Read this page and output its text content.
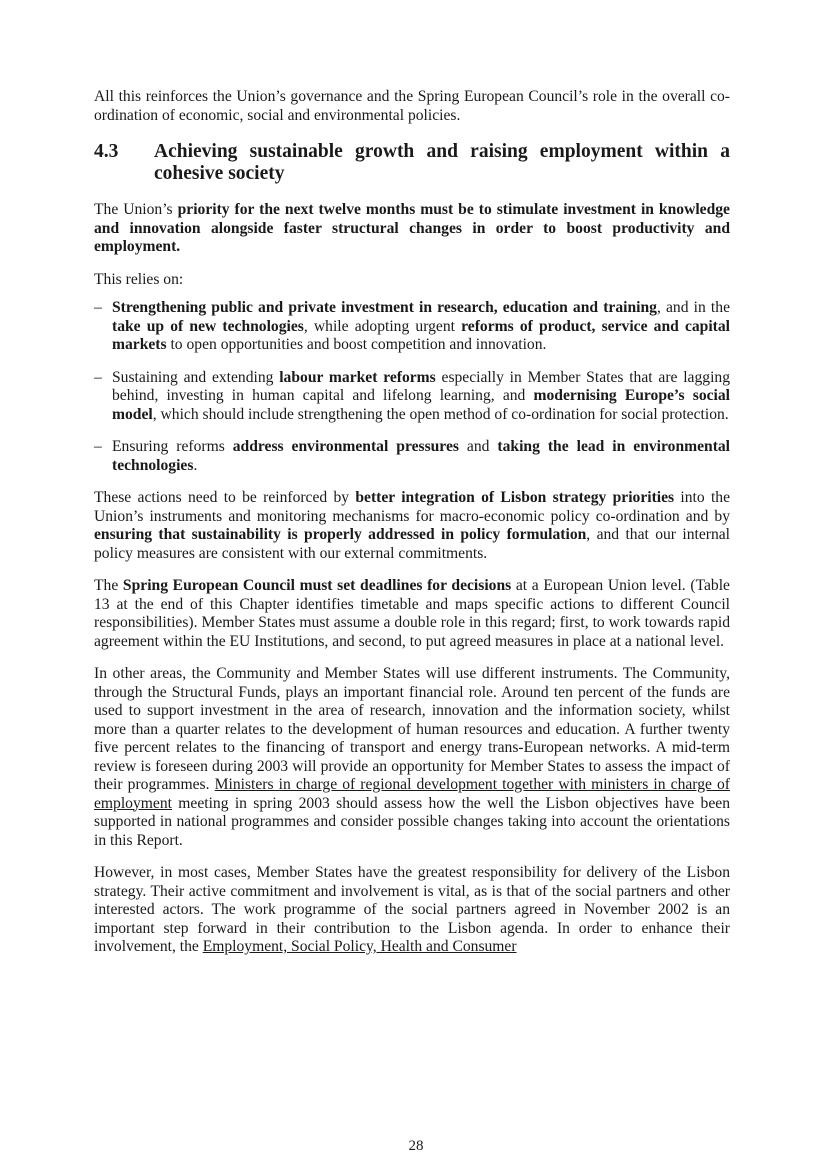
All this reinforces the Union’s governance and the Spring European Council’s role in the overall co-ordination of economic, social and environmental policies.

4.3	Achieving sustainable growth and raising employment within a cohesive society

The Union’s priority for the next twelve months must be to stimulate investment in knowledge and innovation alongside faster structural changes in order to boost productivity and employment.

This relies on:

– Strengthening public and private investment in research, education and training, and in the take up of new technologies, while adopting urgent reforms of product, service and capital markets to open opportunities and boost competition and innovation.
– Sustaining and extending labour market reforms especially in Member States that are lagging behind, investing in human capital and lifelong learning, and modernising Europe’s social model, which should include strengthening the open method of co-ordination for social protection.
– Ensuring reforms address environmental pressures and taking the lead in environmental technologies.

These actions need to be reinforced by better integration of Lisbon strategy priorities into the Union’s instruments and monitoring mechanisms for macro-economic policy co-ordination and by ensuring that sustainability is properly addressed in policy formulation, and that our internal policy measures are consistent with our external commitments.

The Spring European Council must set deadlines for decisions at a European Union level. (Table 13 at the end of this Chapter identifies timetable and maps specific actions to different Council responsibilities). Member States must assume a double role in this regard; first, to work towards rapid agreement within the EU Institutions, and second, to put agreed measures in place at a national level.

In other areas, the Community and Member States will use different instruments. The Community, through the Structural Funds, plays an important financial role. Around ten percent of the funds are used to support investment in the area of research, innovation and the information society, whilst more than a quarter relates to the development of human resources and education. A further twenty five percent relates to the financing of transport and energy trans-European networks. A mid-term review is foreseen during 2003 will provide an opportunity for Member States to assess the impact of their programmes. Ministers in charge of regional development together with ministers in charge of employment meeting in spring 2003 should assess how the well the Lisbon objectives have been supported in national programmes and consider possible changes taking into account the orientations in this Report.

However, in most cases, Member States have the greatest responsibility for delivery of the Lisbon strategy. Their active commitment and involvement is vital, as is that of the social partners and other interested actors. The work programme of the social partners agreed in November 2002 is an important step forward in their contribution to the Lisbon agenda. In order to enhance their involvement, the Employment, Social Policy, Health and Consumer

28
